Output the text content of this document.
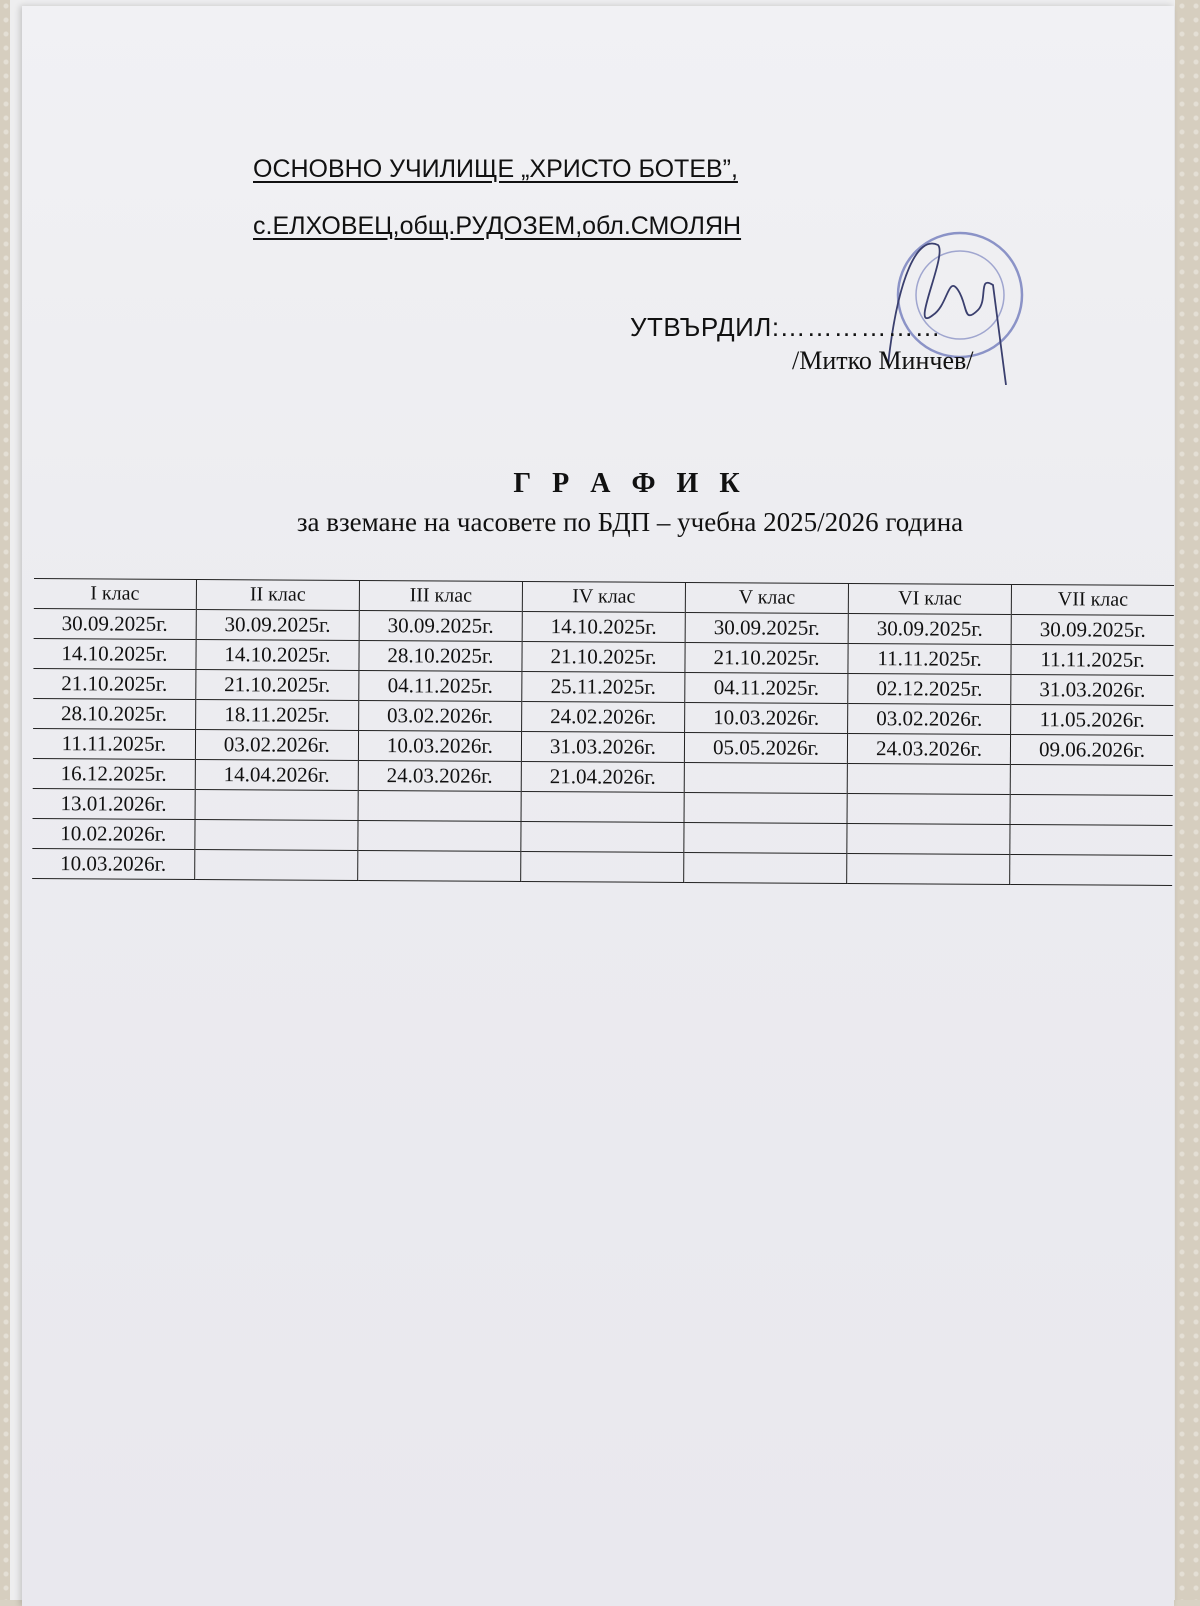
ОСНОВНО УЧИЛИЩЕ „ХРИСТО БОТЕВ”,
с.ЕЛХОВЕЦ,общ.РУДОЗЕМ,обл.СМОЛЯН
УТВЪРДИЛ:………………
/Митко Минчев/
Г Р А Ф И К
за вземане на часовете по БДП – учебна 2025/2026 година
I клас	II клас	III клас	IV клас	V клас	VI клас	VII клас
30.09.2025г.	30.09.2025г.	30.09.2025г.	14.10.2025г.	30.09.2025г.	30.09.2025г.	30.09.2025г.
14.10.2025г.	14.10.2025г.	28.10.2025г.	21.10.2025г.	21.10.2025г.	11.11.2025г.	11.11.2025г.
21.10.2025г.	21.10.2025г.	04.11.2025г.	25.11.2025г.	04.11.2025г.	02.12.2025г.	31.03.2026г.
28.10.2025г.	18.11.2025г.	03.02.2026г.	24.02.2026г.	10.03.2026г.	03.02.2026г.	11.05.2026г.
11.11.2025г.	03.02.2026г.	10.03.2026г.	31.03.2026г.	05.05.2026г.	24.03.2026г.	09.06.2026г.
16.12.2025г.	14.04.2026г.	24.03.2026г.	21.04.2026г.			
13.01.2026г.						
10.02.2026г.						
10.03.2026г.						
